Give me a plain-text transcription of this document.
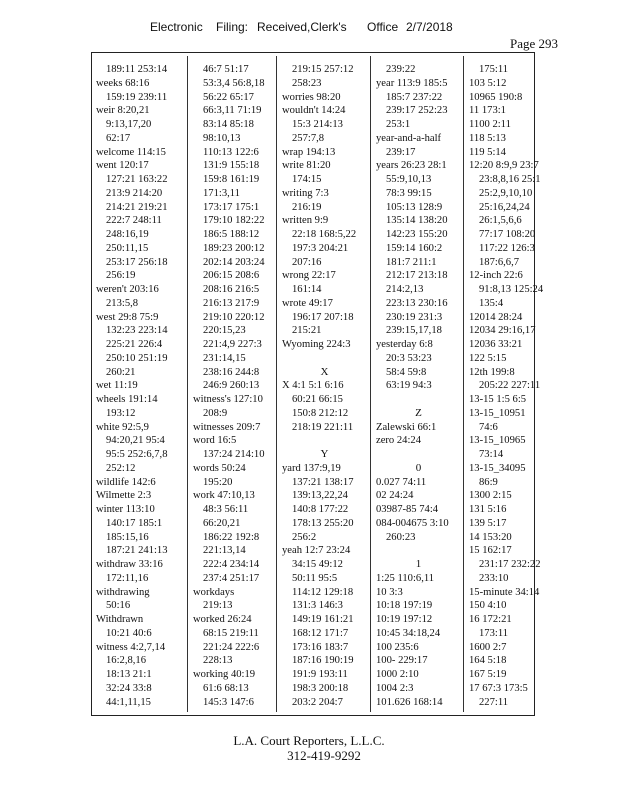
Electronic Filing: Received,Clerk's Office 2/7/2018
Page 293
189:11 253:14
weeks 68:16
159:19 239:11
weir 8:20,21
9:13,17,20
62:17
welcome 114:15
went 120:17
127:21 163:22
213:9 214:20
214:21 219:21
222:7 248:11
248:16,19
250:11,15
253:17 256:18
256:19
weren't 203:16
213:5,8
west 29:8 75:9
132:23 223:14
225:21 226:4
250:10 251:19
260:21
wet 11:19
wheels 191:14
193:12
white 92:5,9
94:20,21 95:4
95:5 252:6,7,8
252:12
wildlife 142:6
Wilmette 2:3
winter 113:10
140:17 185:1
185:15,16
187:21 241:13
withdraw 33:16
172:11,16
withdrawing
50:16
Withdrawn
10:21 40:6
witness 4:2,7,14
16:2,8,16
18:13 21:1
32:24 33:8
44:1,11,15
46:7 51:17
53:3,4 56:8,18
56:22 65:17
66:3,11 71:19
83:14 85:18
98:10,13
110:13 122:6
131:9 155:18
159:8 161:19
171:3,11
173:17 175:1
179:10 182:22
186:5 188:12
189:23 200:12
202:14 203:24
206:15 208:6
208:16 216:5
216:13 217:9
219:10 220:12
220:15,23
221:4,9 227:3
231:14,15
238:16 244:8
246:9 260:13
witness's 127:10
208:9
witnesses 209:7
word 16:5
137:24 214:10
words 50:24
195:20
work 47:10,13
48:3 56:11
66:20,21
186:22 192:8
221:13,14
222:4 234:14
237:4 251:17
workdays
219:13
worked 26:24
68:15 219:11
221:24 222:6
228:13
working 40:19
61:6 68:13
145:3 147:6
219:15 257:12
258:23
worries 98:20
wouldn't 14:24
15:3 214:13
257:7,8
wrap 194:13
write 81:20
174:15
writing 7:3
216:19
written 9:9
22:18 168:5,22
197:3 204:21
207:16
wrong 22:17
161:14
wrote 49:17
196:17 207:18
215:21
Wyoming 224:3
X
X 4:1 5:1 6:16
60:21 66:15
150:8 212:12
218:19 221:11
Y
yard 137:9,19
137:21 138:17
139:13,22,24
140:8 177:22
178:13 255:20
256:2
yeah 12:7 23:24
34:15 49:12
50:11 95:5
114:12 129:18
131:3 146:3
149:19 161:21
168:12 171:7
173:16 183:7
187:16 190:19
191:9 193:11
198:3 200:18
203:2 204:7
239:22
year 113:9 185:5
185:7 237:22
239:17 252:23
253:1
year-and-a-half
239:17
years 26:23 28:1
55:9,10,13
78:3 99:15
105:13 128:9
135:14 138:20
142:23 155:20
159:14 160:2
181:7 211:1
212:17 213:18
214:2,13
223:13 230:16
230:19 231:3
239:15,17,18
yesterday 6:8
20:3 53:23
58:4 59:8
63:19 94:3
Z
Zalewski 66:1
zero 24:24
0
0.027 74:11
02 24:24
03987-85 74:4
084-004675 3:10
260:23
1
1:25 110:6,11
10 3:3
10:18 197:19
10:19 197:12
10:45 34:18,24
100 235:6
100- 229:17
1000 2:10
1004 2:3
101.626 168:14
175:11
103 5:12
10965 190:8
11 173:1
1100 2:11
118 5:13
119 5:14
12:20 8:9,9 23:7
23:8,8,16 25:1
25:2,9,10,10
25:16,24,24
26:1,5,6,6
77:17 108:20
117:22 126:3
187:6,6,7
12-inch 22:6
91:8,13 125:24
135:4
12014 28:24
12034 29:16,17
12036 33:21
122 5:15
12th 199:8
205:22 227:11
13-15 1:5 6:5
13-15_10951
74:6
13-15_10965
73:14
13-15_34095
86:9
1300 2:15
131 5:16
139 5:17
14 153:20
15 162:17
231:17 232:22
233:10
15-minute 34:14
150 4:10
16 172:21
173:11
1600 2:7
164 5:18
167 5:19
17 67:3 173:5
227:11
L.A. Court Reporters, L.L.C.
312-419-9292
